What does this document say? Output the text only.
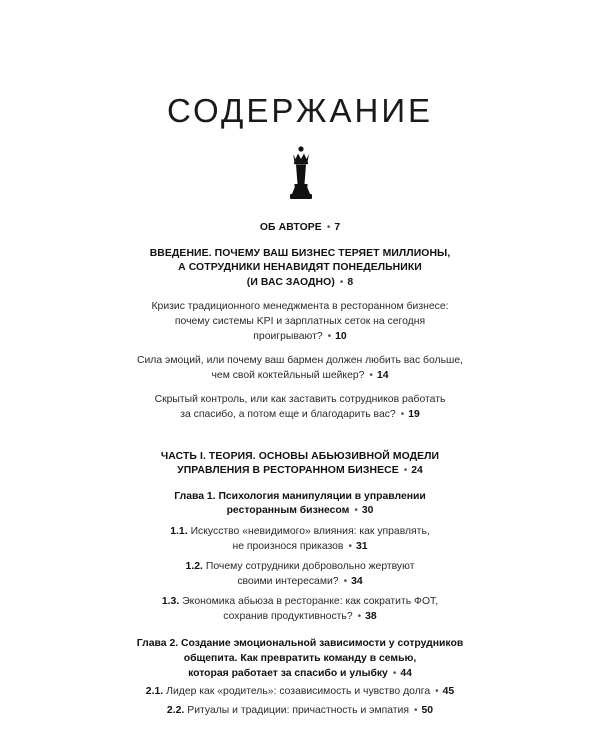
СОДЕРЖАНИЕ
ОБ АВТОРЕ • 7
ВВЕДЕНИЕ. ПОЧЕМУ ВАШ БИЗНЕС ТЕРЯЕТ МИЛЛИОНЫ,
А СОТРУДНИКИ НЕНАВИДЯТ ПОНЕДЕЛЬНИКИ
(И ВАС ЗАОДНО) • 8
Кризис традиционного менеджмента в ресторанном бизнесе:
почему системы KPI и зарплатных сеток на сегодня
проигрывают? • 10
Сила эмоций, или почему ваш бармен должен любить вас больше,
чем свой коктейльный шейкер? • 14
Скрытый контроль, или как заставить сотрудников работать
за спасибо, а потом еще и благодарить вас? • 19
ЧАСТЬ I. ТЕОРИЯ. ОСНОВЫ АБЬЮЗИВНОЙ МОДЕЛИ
УПРАВЛЕНИЯ В РЕСТОРАННОМ БИЗНЕСЕ • 24
Глава 1. Психология манипуляции в управлении
ресторанным бизнесом • 30
1.1. Искусство «невидимого» влияния: как управлять,
не произнося приказов • 31
1.2. Почему сотрудники добровольно жертвуют
своими интересами? • 34
1.3. Экономика абьюза в ресторанке: как сократить ФОТ,
сохранив продуктивность? • 38
Глава 2. Создание эмоциональной зависимости у сотрудников
общепита. Как превратить команду в семью,
которая работает за спасибо и улыбку • 44
2.1. Лидер как «родитель»: созависимость и чувство долга • 45
2.2. Ритуалы и традиции: причастность и эмпатия • 50
